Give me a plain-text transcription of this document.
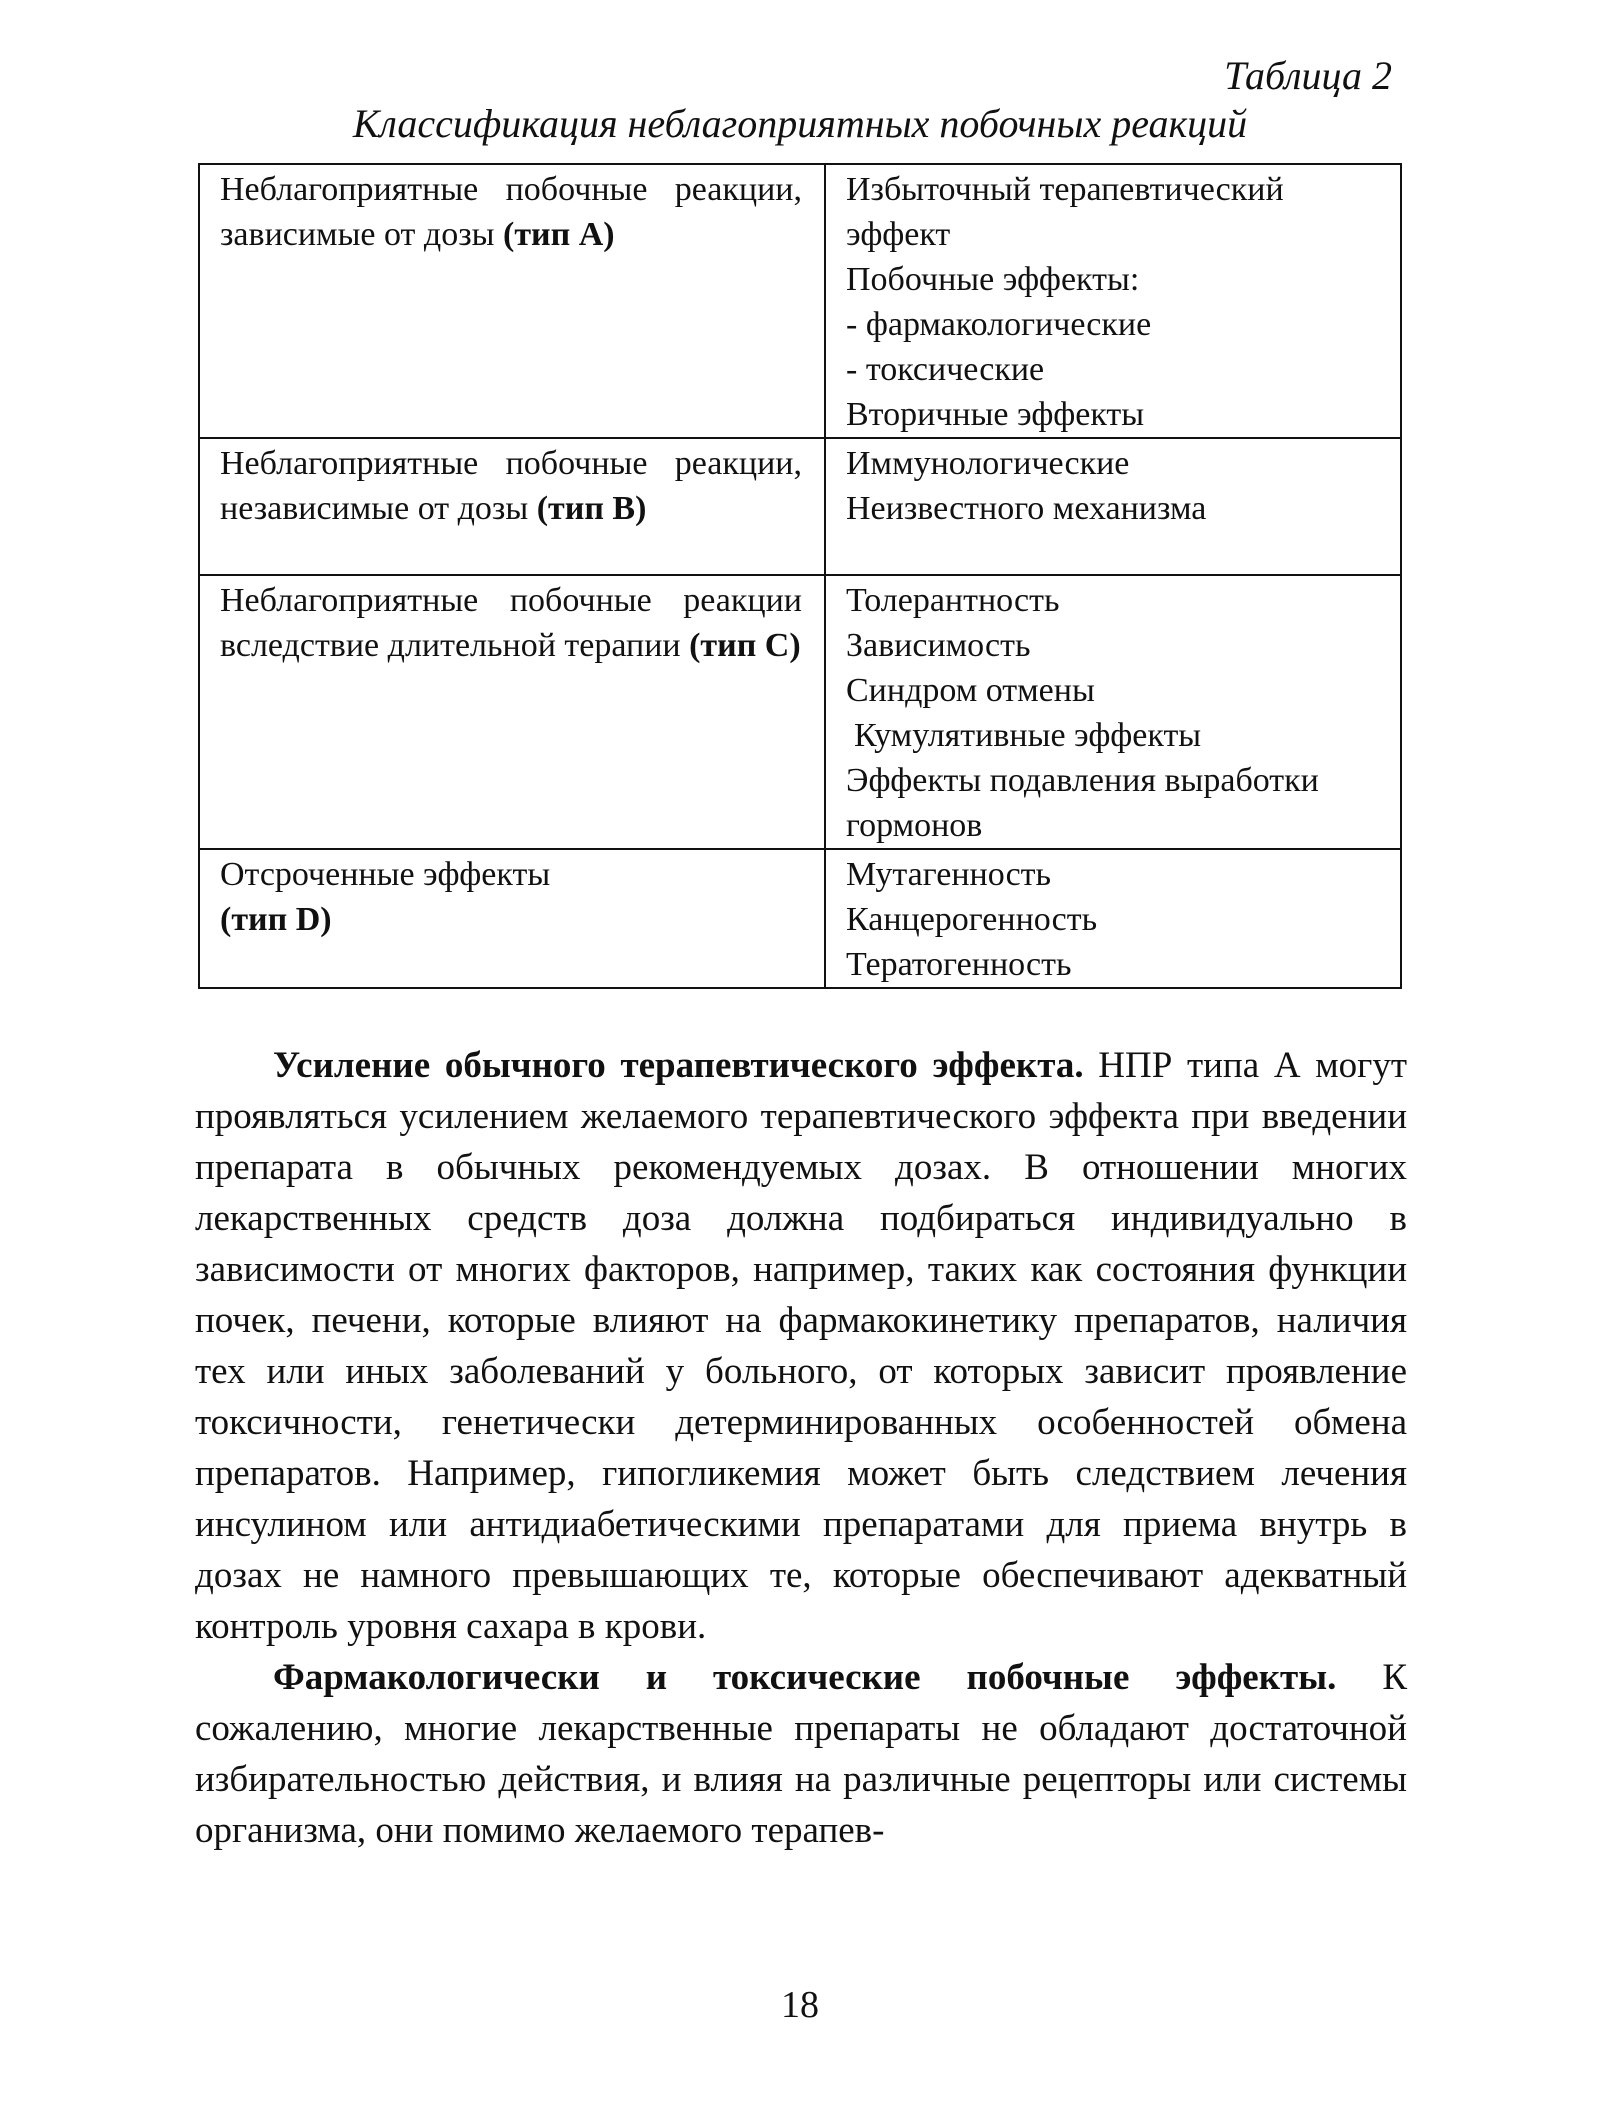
Таблица 2

Классификация неблагоприятных побочных реакций

Неблагоприятные побочные реакции, зависимые от дозы (тип A)	Избыточный терапевтический эффект
Побочные эффекты:
- фармакологические
- токсические
Вторичные эффекты

Неблагоприятные побочные реакции, независимые от дозы (тип B)	Иммунологические
Неизвестного механизма

Неблагоприятные побочные реакции вследствие длительной терапии (тип C)	Толерантность
Зависимость
Синдром отмены
Кумулятивные эффекты
Эффекты подавления выработки гормонов

Отсроченные эффекты
(тип D)	Мутагенность
Канцерогенность
Тератогенность

Усиление обычного терапевтического эффекта. НПР типа А могут проявляться усилением желаемого терапевтического эффекта при введении препарата в обычных рекомендуемых дозах. В отношении многих лекарственных средств доза должна подбираться индивидуально в зависимости от многих факторов, например, таких как состояния функции почек, печени, которые влияют на фармакокинетику препаратов, наличия тех или иных заболеваний у больного, от которых зависит проявление токсичности, генетически детерминированных особенностей обмена препаратов. Например, гипогликемия может быть следствием лечения инсулином или антидиабетическими препаратами для приема внутрь в дозах не намного превышающих те, которые обеспечивают адекватный контроль уровня сахара в крови.

Фармакологически и токсические побочные эффекты. К сожалению, многие лекарственные препараты не обладают достаточной избирательностью действия, и влияя на различные рецепторы или системы организма, они помимо желаемого терапев-

18
